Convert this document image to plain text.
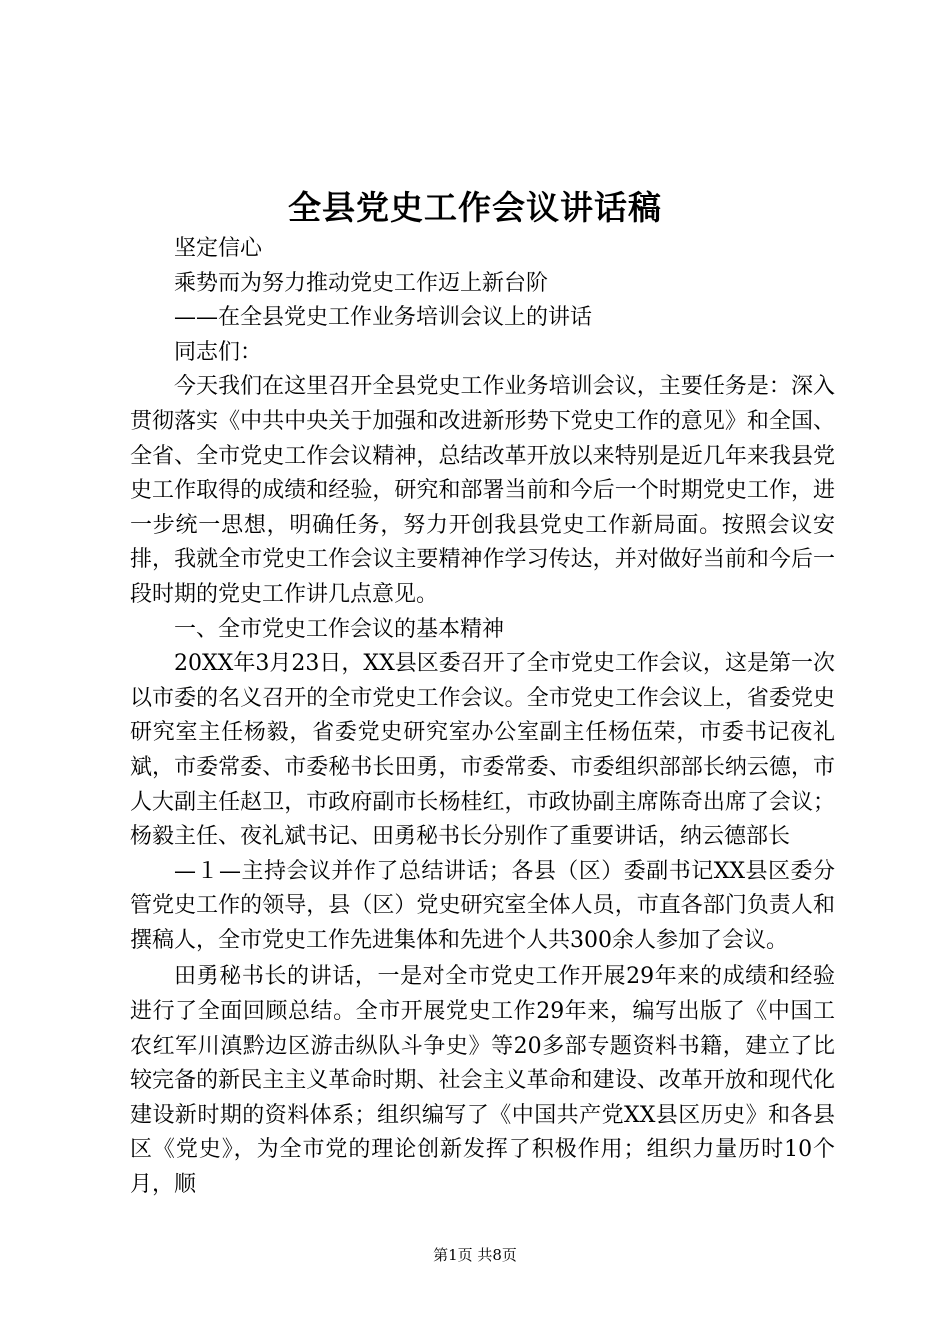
全县党史工作会议讲话稿

坚定信心

乘势而为努力推动党史工作迈上新台阶

——在全县党史工作业务培训会议上的讲话

同志们：

今天我们在这里召开全县党史工作业务培训会议，主要任务是：深入贯彻落实《中共中央关于加强和改进新形势下党史工作的意见》和全国、全省、全市党史工作会议精神，总结改革开放以来特别是近几年来我县党史工作取得的成绩和经验，研究和部署当前和今后一个时期党史工作，进一步统一思想，明确任务，努力开创我县党史工作新局面。按照会议安排，我就全市党史工作会议主要精神作学习传达，并对做好当前和今后一段时期的党史工作讲几点意见。

一、全市党史工作会议的基本精神

20XX年3月23日，XX县区委召开了全市党史工作会议，这是第一次以市委的名义召开的全市党史工作会议。全市党史工作会议上，省委党史研究室主任杨毅，省委党史研究室办公室副主任杨伍荣，市委书记夜礼斌，市委常委、市委秘书长田勇，市委常委、市委组织部部长纳云德，市人大副主任赵卫，市政府副市长杨桂红，市政协副主席陈奇出席了会议；杨毅主任、夜礼斌书记、田勇秘书长分别作了重要讲话，纳云德部长

—１—主持会议并作了总结讲话；各县（区）委副书记XX县区委分管党史工作的领导，县（区）党史研究室全体人员，市直各部门负责人和撰稿人，全市党史工作先进集体和先进个人共300余人参加了会议。

田勇秘书长的讲话，一是对全市党史工作开展29年来的成绩和经验进行了全面回顾总结。全市开展党史工作29年来，编写出版了《中国工农红军川滇黔边区游击纵队斗争史》等20多部专题资料书籍，建立了比较完备的新民主主义革命时期、社会主义革命和建设、改革开放和现代化建设新时期的资料体系；组织编写了《中国共产党XX县区历史》和各县区《党史》，为全市党的理论创新发挥了积极作用；组织力量历时10个月，顺

第1页 共8页
